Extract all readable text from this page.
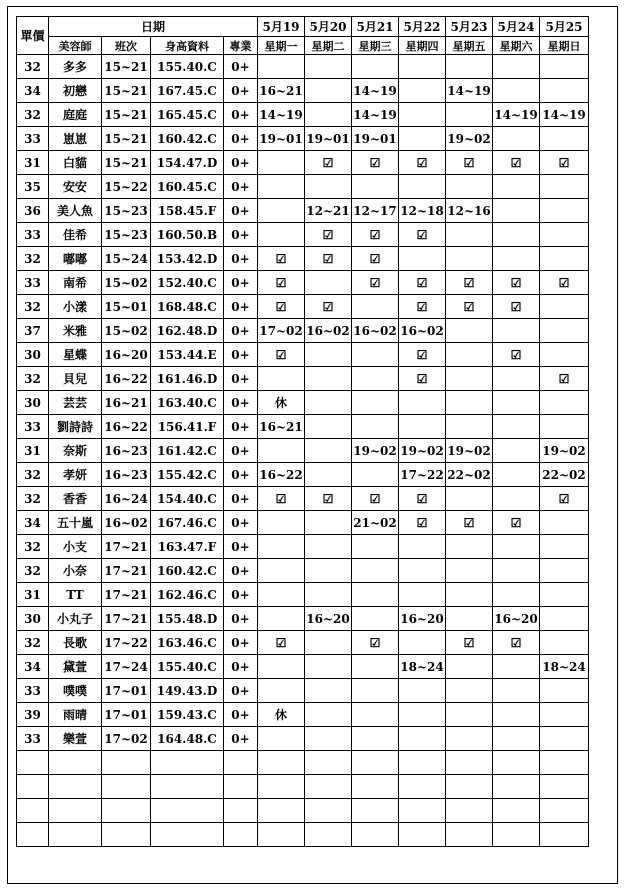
單價	日期				5月19	5月20	5月21	5月22	5月23	5月24	5月25
	美容師	班次	身高資料	專業	星期一	星期二	星期三	星期四	星期五	星期六	星期日
32	多多	15~21	155.40.C	0+							
34	初戀	15~21	167.45.C	0+	16~21		14~19		14~19		
32	庭庭	15~21	165.45.C	0+	14~19		14~19			14~19	14~19
33	崽崽	15~21	160.42.C	0+	19~01	19~01	19~01		19~02		
31	白貓	15~21	154.47.D	0+		☑	☑	☑	☑	☑	☑
35	安安	15~22	160.45.C	0+							
36	美人魚	15~23	158.45.F	0+		12~21	12~17	12~18	12~16		
33	佳希	15~23	160.50.B	0+		☑	☑	☑			
32	嘟嘟	15~24	153.42.D	0+	☑	☑	☑				
33	南希	15~02	152.40.C	0+	☑		☑	☑	☑	☑	☑
32	小漾	15~01	168.48.C	0+	☑	☑		☑	☑	☑	
37	米雅	15~02	162.48.D	0+	17~02	16~02	16~02	16~02			
30	星蝶	16~20	153.44.E	0+	☑			☑		☑	
32	貝兒	16~22	161.46.D	0+				☑			☑
30	芸芸	16~21	163.40.C	0+	休						
33	劉詩詩	16~22	156.41.F	0+	16~21						
31	奈斯	16~23	161.42.C	0+			19~02	19~02	19~02		19~02
32	孝妍	16~23	155.42.C	0+	16~22			17~22	22~02		22~02
32	香香	16~24	154.40.C	0+	☑	☑	☑	☑			☑
34	五十嵐	16~02	167.46.C	0+			21~02	☑	☑	☑	
32	小支	17~21	163.47.F	0+							
32	小奈	17~21	160.42.C	0+							
31	TT	17~21	162.46.C	0+							
30	小丸子	17~21	155.48.D	0+		16~20		16~20		16~20	
32	長歌	17~22	163.46.C	0+	☑		☑		☑	☑	
34	黛萱	17~24	155.40.C	0+				18~24			18~24
33	噗噗	17~01	149.43.D	0+							
39	雨晴	17~01	159.43.C	0+	休						
33	樂萱	17~02	164.48.C	0+							
